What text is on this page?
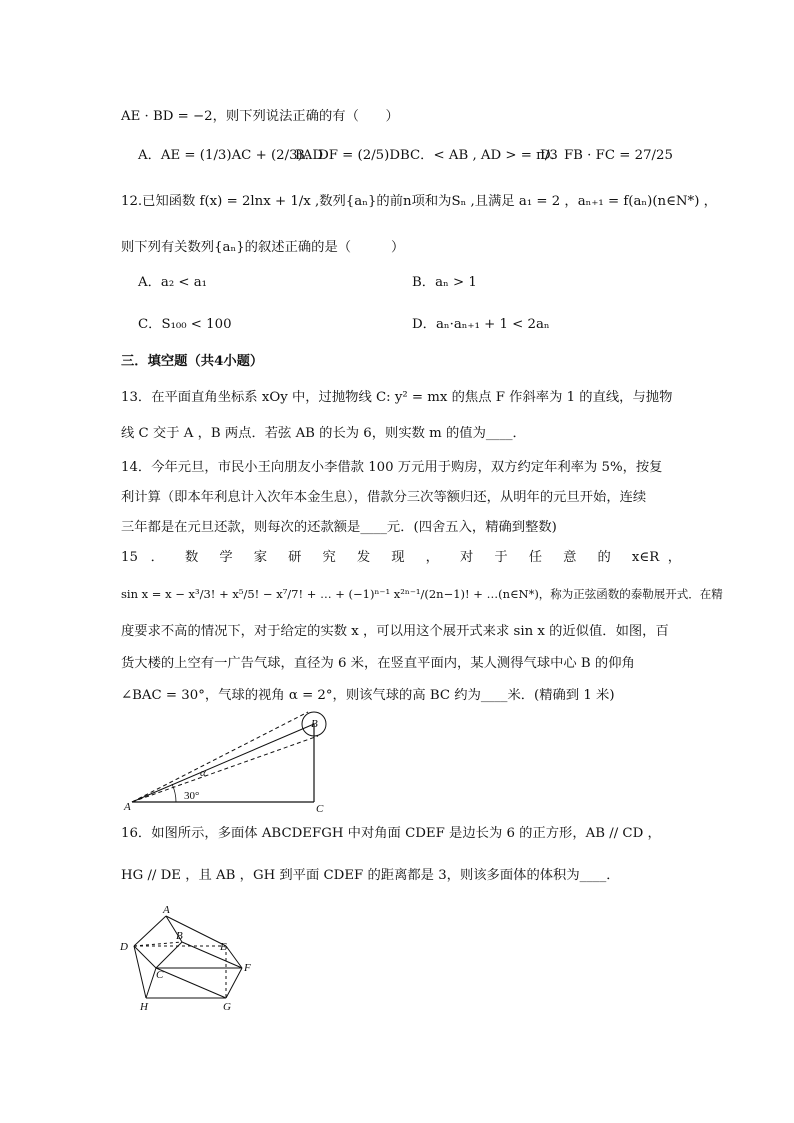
AE · BD = −2，则下列说法正确的有（　　）
A．AE = (1/3)AC + (2/3)AD
B．DF = (2/5)DB C．< AB , AD > = π/3
D．FB · FC = 27/25
12.已知函数 f(x) = 2lnx + 1/x ,数列{aₙ}的前n项和为Sₙ ,且满足 a₁ = 2 ，aₙ₊₁ = f(aₙ)(n∈N*) ，
则下列有关数列{aₙ}的叙述正确的是（　　　）
A．a₂ < a₁	B．aₙ > 1
C．S₁₀₀ < 100	D．aₙ·aₙ₊₁ + 1 < 2aₙ
三．填空题（共4小题）
13．在平面直角坐标系 xOy 中，过抛物线 C: y² = mx 的焦点 F 作斜率为 1 的直线，与抛物
线 C 交于 A ，B 两点．若弦 AB 的长为 6，则实数 m 的值为____．
14．今年元旦，市民小王向朋友小李借款 100 万元用于购房，双方约定年利率为 5%，按复
利计算（即本年利息计入次年本金生息），借款分三次等额归还，从明年的元旦开始，连续
三年都是在元旦还款，则每次的还款额是____元．(四舍五入，精确到整数)
15 ． 数 学 家 研 究 发 现 ， 对 于 任 意 的 x∈R，
sin x = x − x³/3! + x⁵/5! − x⁷/7! + … + (−1)ⁿ⁻¹ x²ⁿ⁻¹/(2n−1)! + …(n∈N*)，称为正弦函数的泰勒展开式．在精
度要求不高的情况下，对于给定的实数 x ，可以用这个展开式来求 sin x 的近似值．如图，百
货大楼的上空有一广告气球，直径为 6 米，在竖直平面内，某人测得气球中心 B 的仰角
∠BAC = 30°，气球的视角 α = 2°，则该气球的高 BC 约为____米．(精确到 1 米)
A
B
C
α
30°
16．如图所示，多面体 ABCDEFGH 中对角面 CDEF 是边长为 6 的正方形，AB // CD ，
HG // DE ，且 AB ，GH 到平面 CDEF 的距离都是 3，则该多面体的体积为____．
A
B
C
D	E
F
G
H
